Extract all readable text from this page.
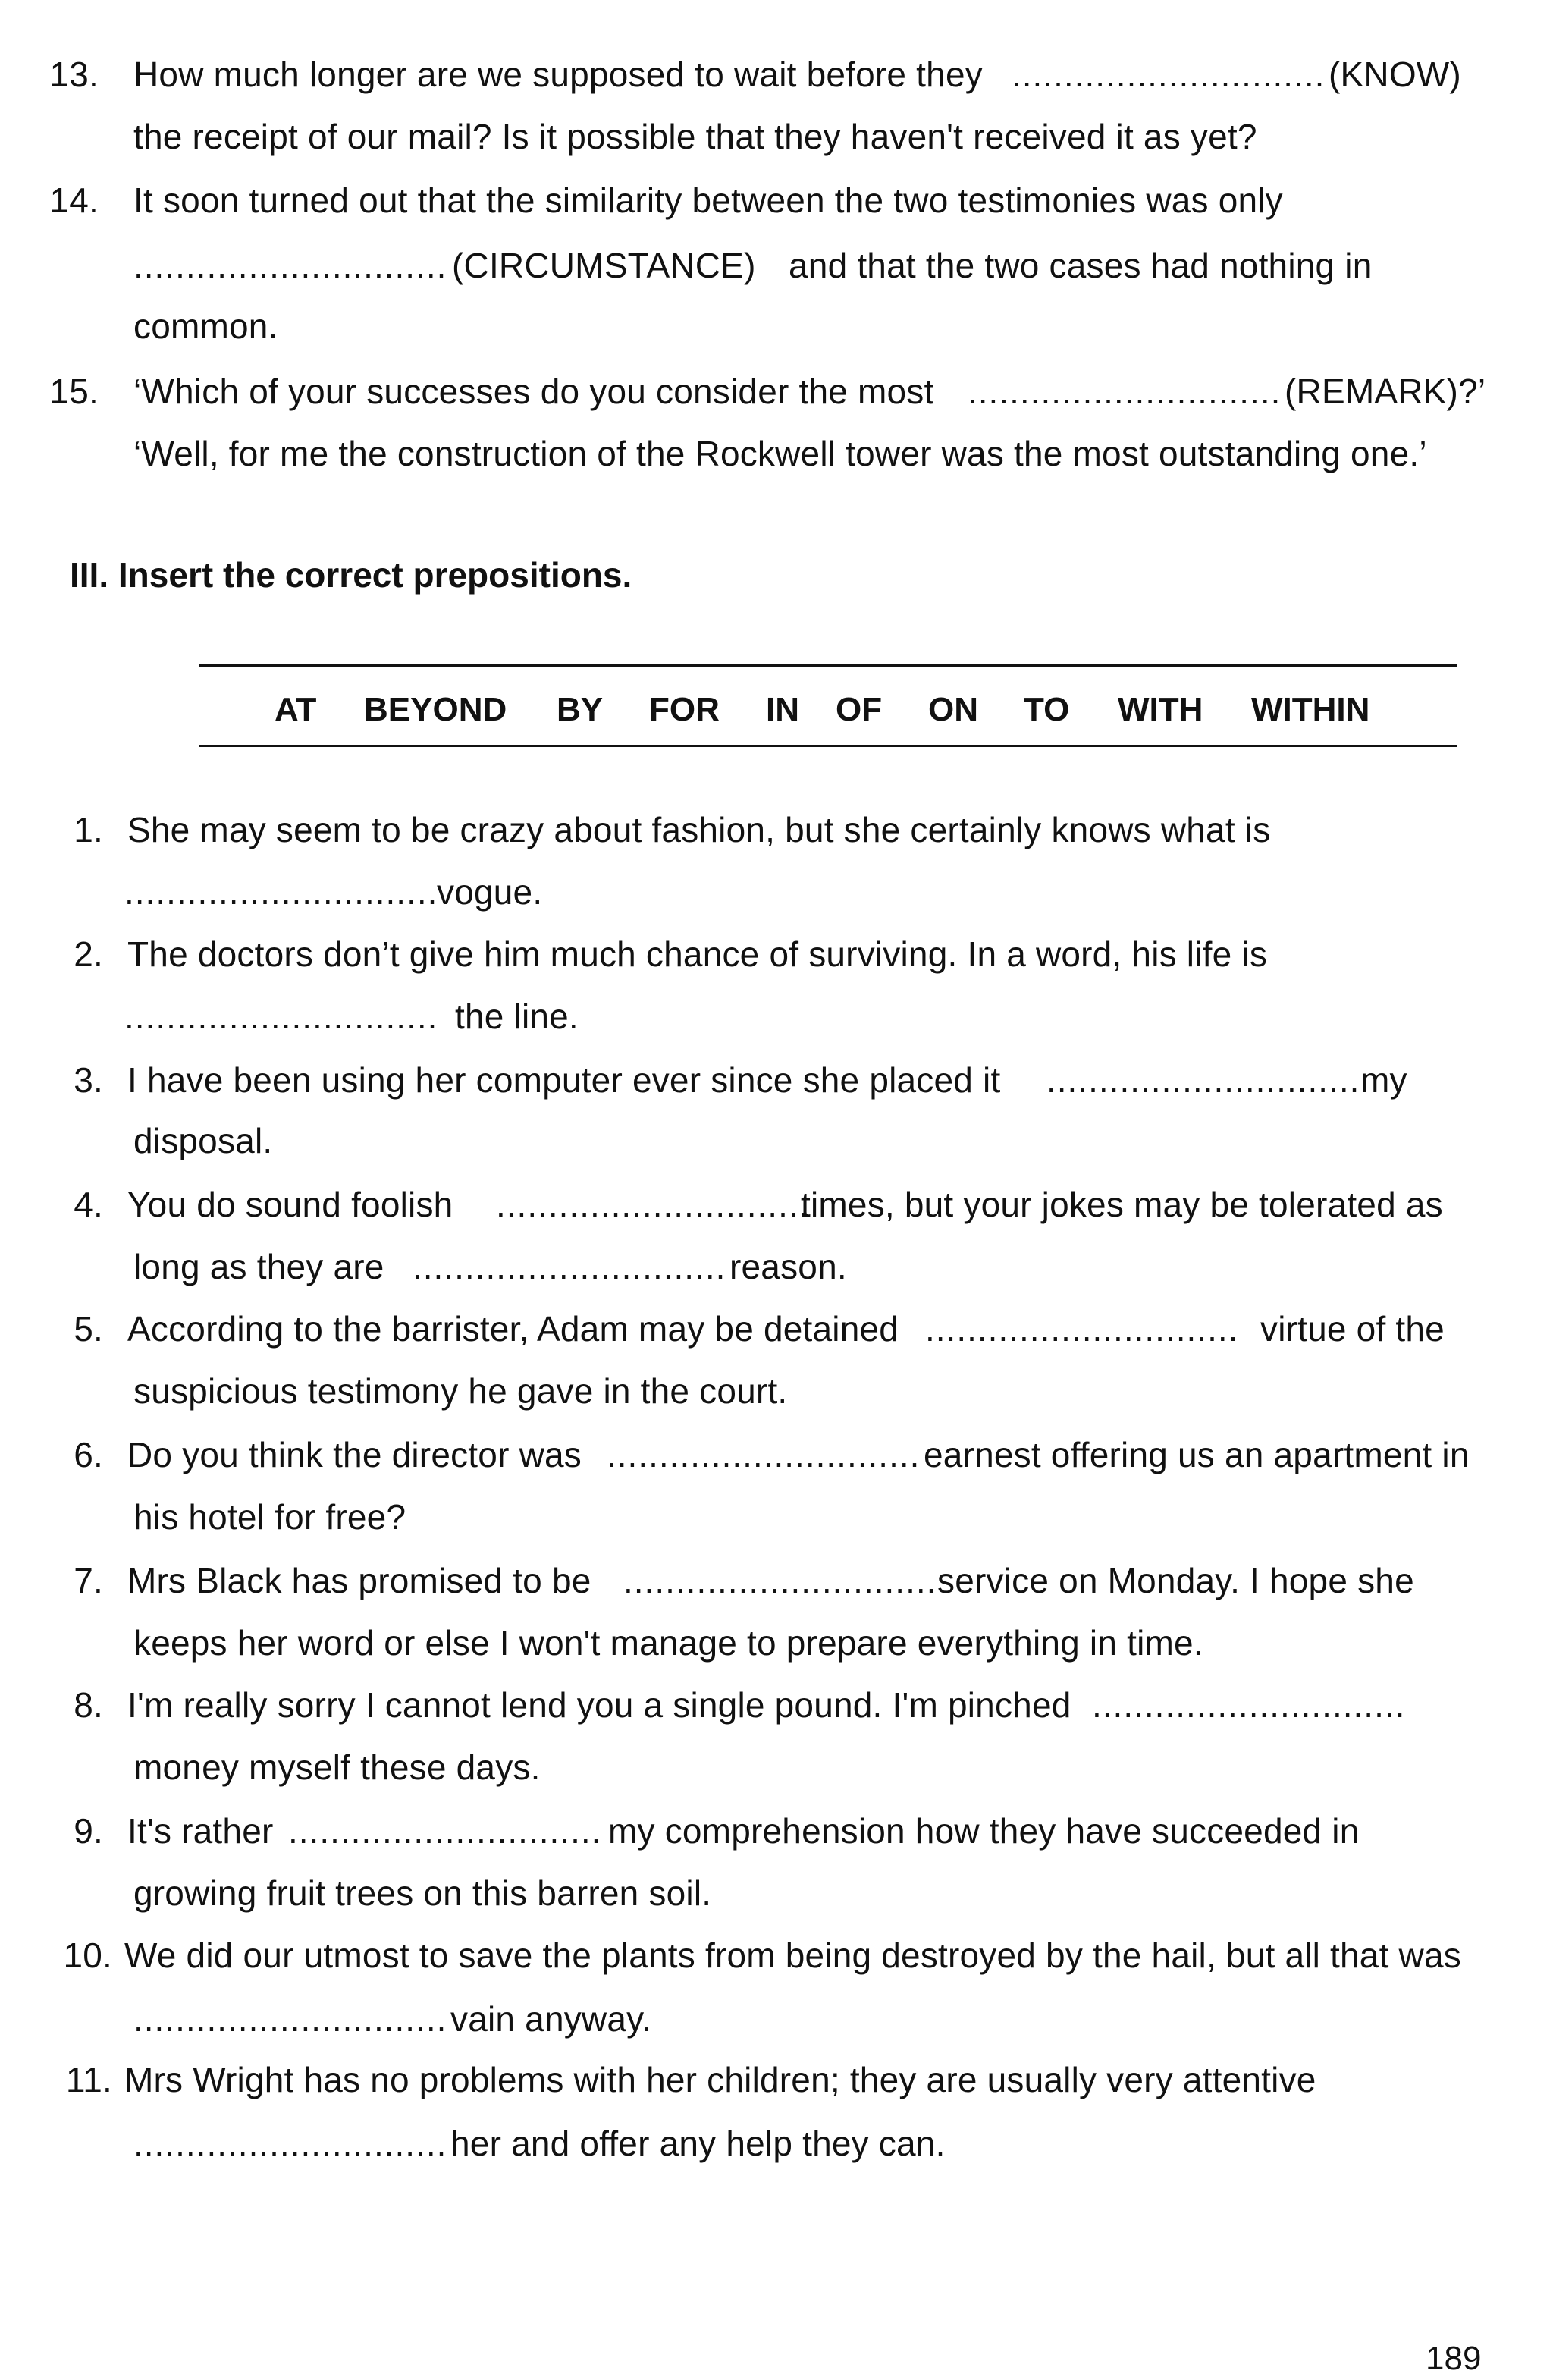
13. How much longer are we supposed to wait before they .............................. (KNOW)
the receipt of our mail? Is it possible that they haven't received it as yet?
14. It soon turned out that the similarity between the two testimonies was only
.............................. (CIRCUMSTANCE) and that the two cases had nothing in
common.
15. ‘Which of your successes do you consider the most .............................. (REMARK)?’
‘Well, for me the construction of the Rockwell tower was the most outstanding one.’
III. Insert the correct prepositions.
AT BEYOND BY FOR IN OF ON TO WITH WITHIN
1. She may seem to be crazy about fashion, but she certainly knows what is
..............................
vogue.
2. The doctors don’t give him much chance of surviving. In a word, his life is
.............................. the line.
3. I have been using her computer ever since she placed it .............................. my
disposal.
4. You do sound foolish ..............................
times, but your jokes may be tolerated as
long as they are .............................. reason.
5. According to the barrister, Adam may be detained .............................. virtue of the
suspicious testimony he gave in the court.
6. Do you think the director was .............................. earnest offering us an apartment in
his hotel for free?
7. Mrs Black has promised to be .............................. service on Monday. I hope she
keeps her word or else I won't manage to prepare everything in time.
8. I'm really sorry I cannot lend you a single pound. I'm pinched ..............................
money myself these days.
9. It's rather .............................. my comprehension how they have succeeded in
growing fruit trees on this barren soil.
10. We did our utmost to save the plants from being destroyed by the hail, but all that was
.............................. vain anyway.
11. Mrs Wright has no problems with her children; they are usually very attentive
.............................. her and offer any help they can.
189
